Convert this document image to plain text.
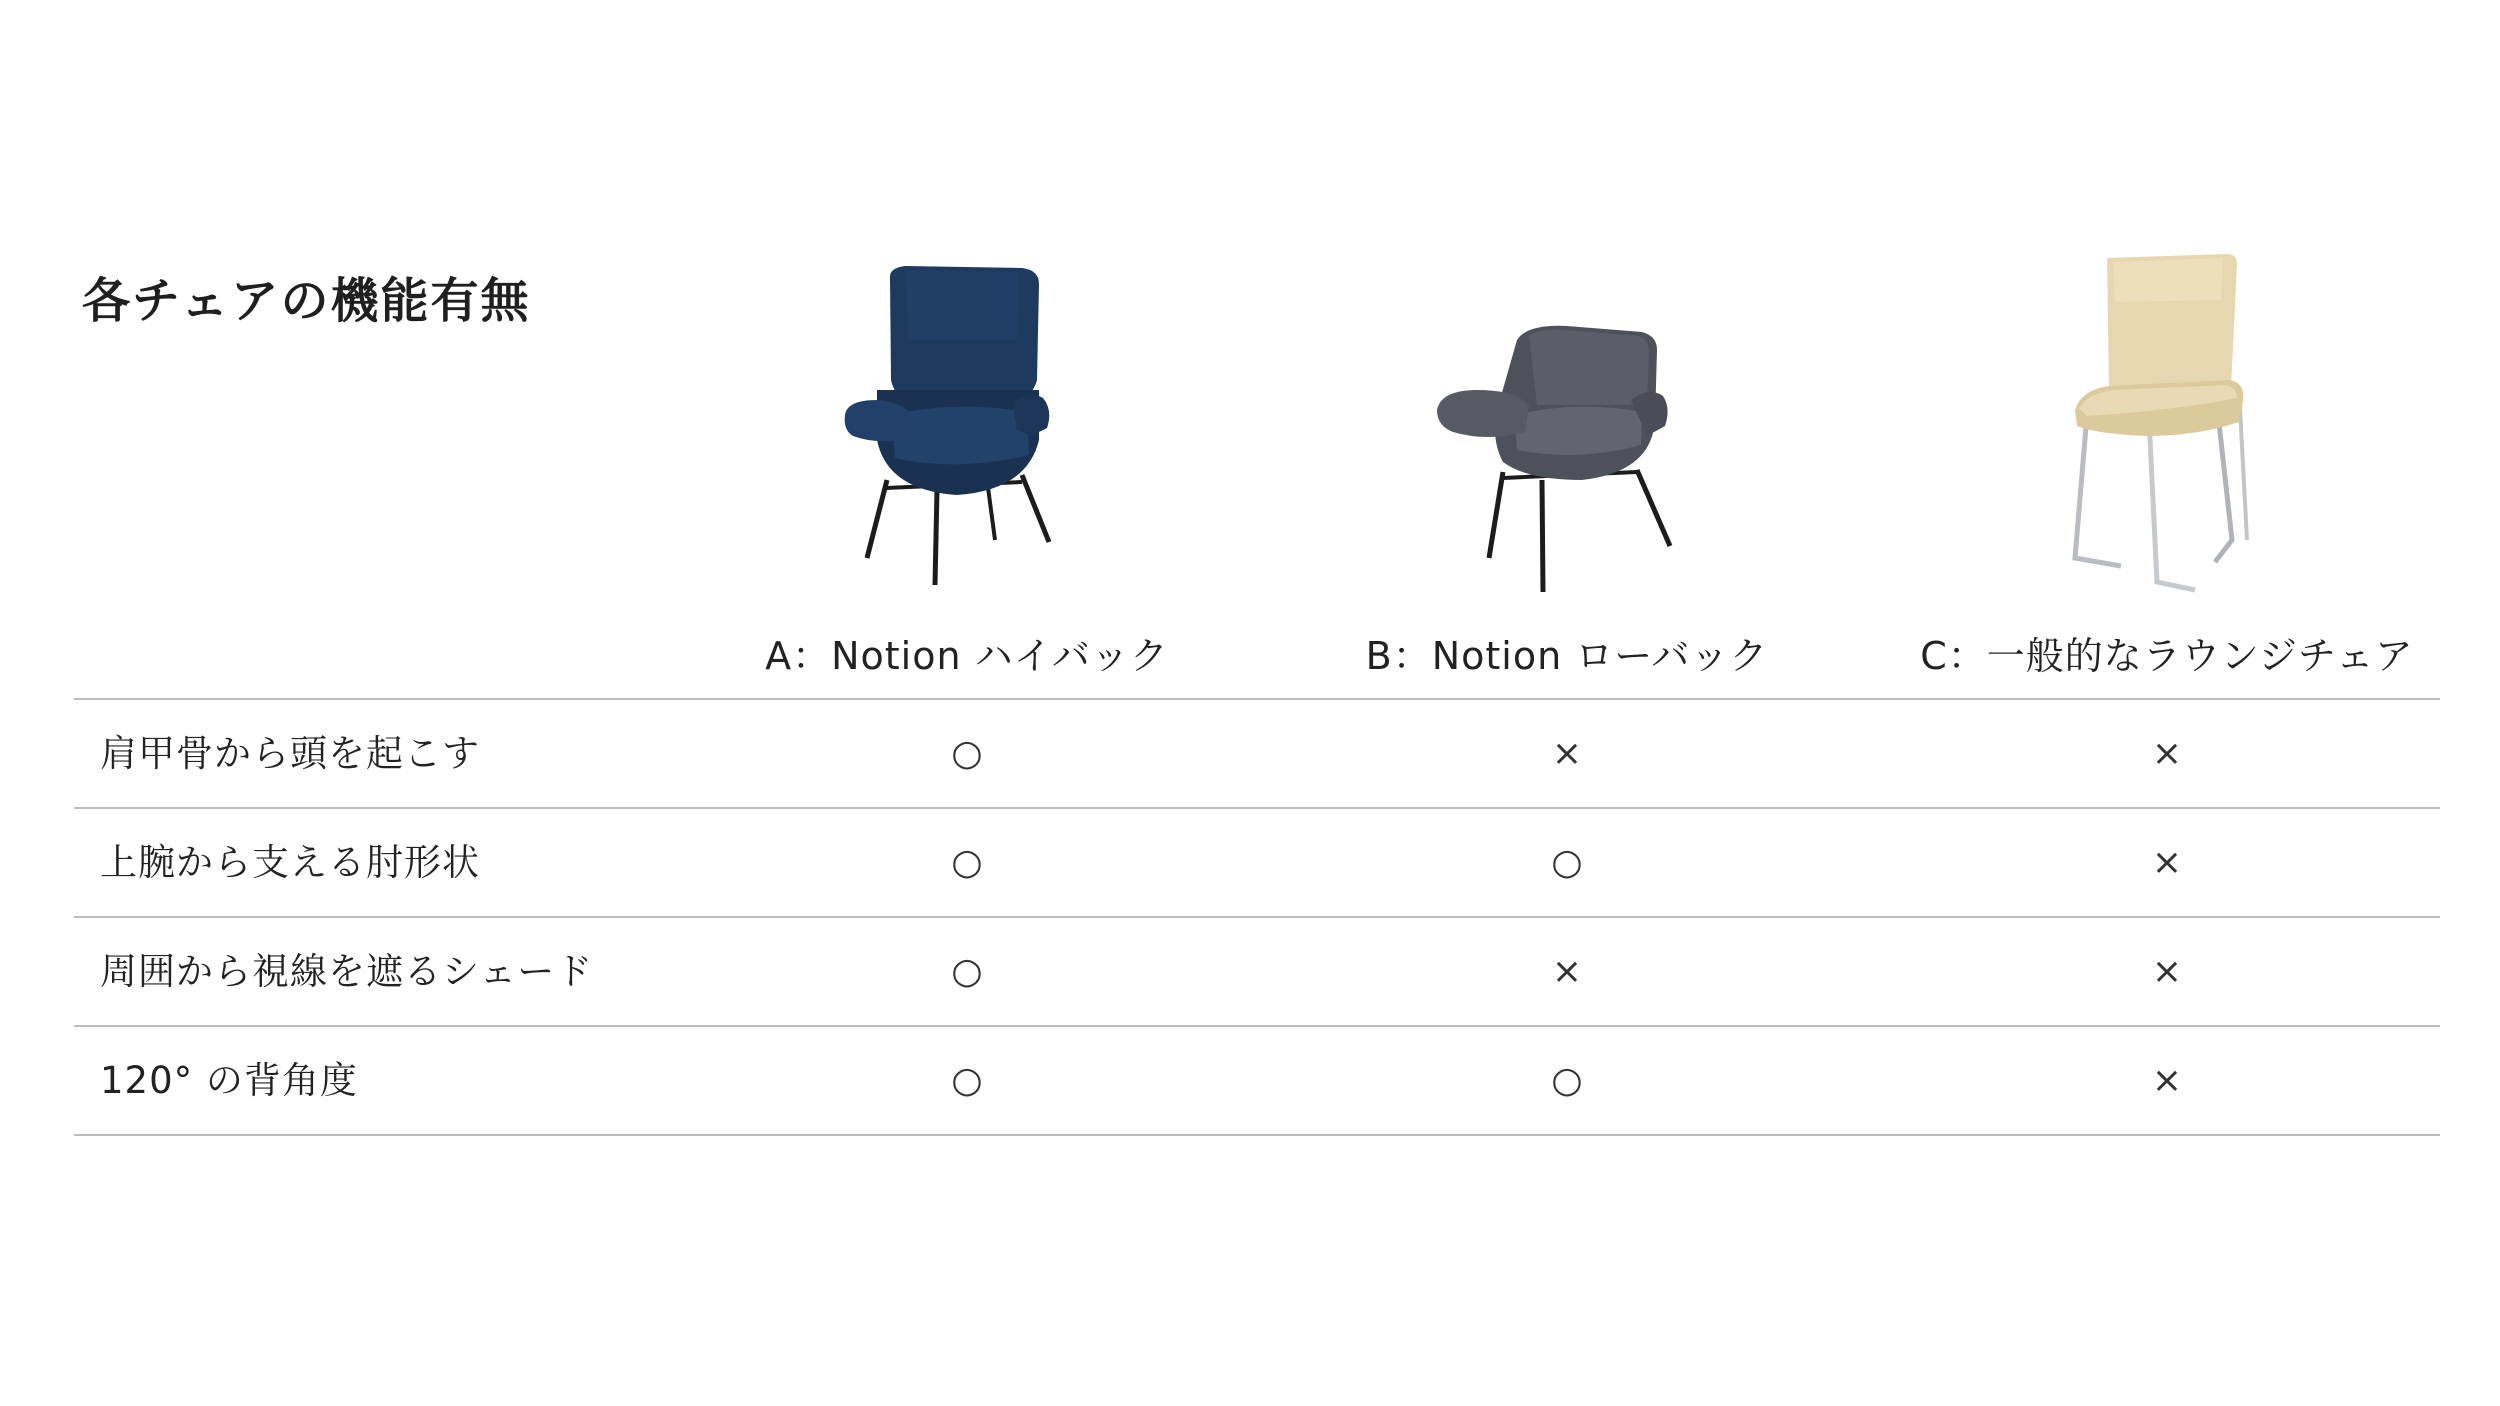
各チェアの機能有無
A：Notion ハイバック	B：Notion ローバック	C：一般的なラウンジチェア
肩甲骨から頭を起こす	○	×	×
上腕から支える肘形状	○	○	×
周囲から視線を遮るシェード	○	×	×
120° の背角度	○	○	×
